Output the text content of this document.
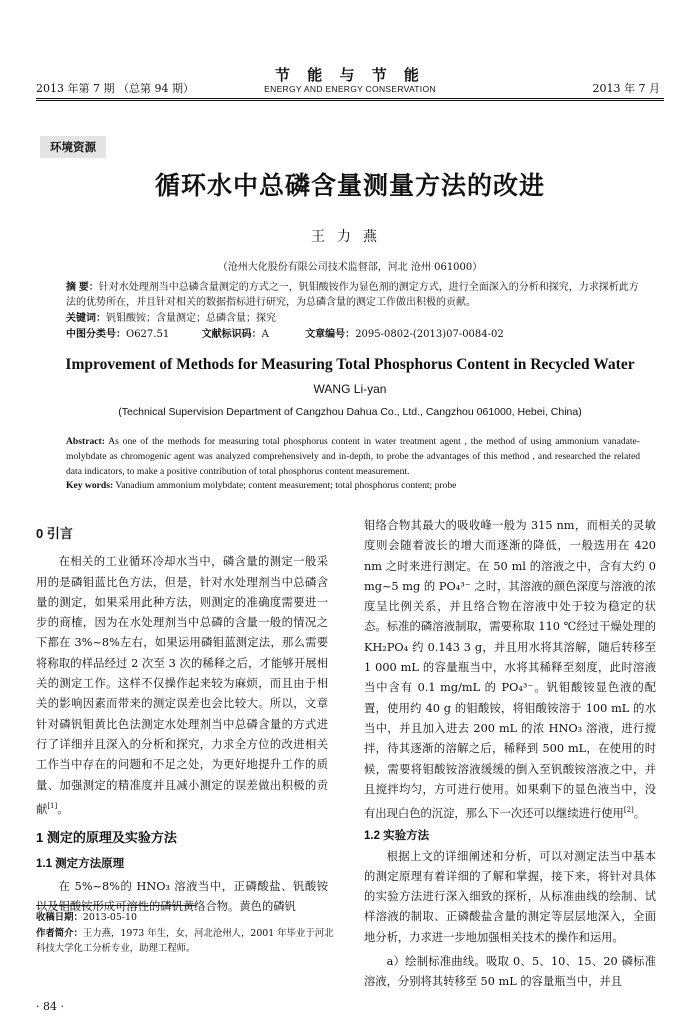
2013 年第 7 期 （总第 94 期）
节 能 与 节 能
ENERGY AND ENERGY CONSERVATION	2013 年 7 月
环境资源
循环水中总磷含量测量方法的改进
王力燕
（沧州大化股份有限公司技术监督部，河北 沧州 061000）
摘 要：针对水处理剂当中总磷含量测定的方式之一，钒钼酸铵作为显色剂的测定方式，进行全面深入的分析和探究，力求探析此方法的优势所在，并且针对相关的数据指标进行研究，为总磷含量的测定工作做出积极的贡献。
关键词：钒钼酸铵；含量测定；总磷含量；探究
中图分类号：O627.51	文献标识码：A	文章编号：2095-0802-(2013)07-0084-02
Improvement of Methods for Measuring Total Phosphorus Content in Recycled Water
WANG Li-yan
(Technical Supervision Department of Cangzhou Dahua Co., Ltd., Cangzhou 061000, Hebei, China)
Abstract: As one of the methods for measuring total phosphorus content in water treatment agent , the method of using ammonium vanadate-molybdate as chromogenic agent was analyzed comprehensively and in-depth, to probe the advantages of this method , and researched the related data indicators, to make a positive contribution of total phosphorus content measurement.
Key words: Vanadium ammonium molybdate; content measurement; total phosphorus content; probe

0 引言

在相关的工业循环冷却水当中，磷含量的测定一般采用的是磷钼蓝比色方法，但是，针对水处理剂当中总磷含量的测定，如果采用此种方法，则测定的准确度需要进一步的商榷，因为在水处理剂当中总磷的含量一般的情况之下都在 3%~8%左右，如果运用磷钼蓝测定法，那么需要将称取的样品经过 2 次至 3 次的稀释之后，才能够开展相关的测定工作。这样不仅操作起来较为麻烦，而且由于相关的影响因素而带来的测定误差也会比较大。所以，文章针对磷钒钼黄比色法测定水处理剂当中总磷含量的方式进行了详细并且深入的分析和探究，力求全方位的改进相关工作当中存在的问题和不足之处，为更好地提升工作的质量、加强测定的精准度并且减小测定的误差做出积极的贡献[1]。

1 测定的原理及实验方法

1.1 测定方法原理

在 5%~8%的 HNO₃ 溶液当中，正磷酸盐、钒酸铵以及钼酸铵形成可溶性的磷钒黄络合物。黄色的磷钒

钼络合物其最大的吸收峰一般为 315 nm，而相关的灵敏度则会随着波长的增大而逐渐的降低，一般选用在 420 nm 之时来进行测定。在 50 ml 的溶液之中，含有大约 0 mg~5 mg 的 PO₄³⁻ 之时，其溶液的颜色深度与溶液的浓度呈比例关系，并且络合物在溶液中处于较为稳定的状态。标准的磷溶液制取，需要称取 110 ℃经过干燥处理的 KH₂PO₄ 约 0.143 3 g，并且用水将其溶解，随后转移至 1 000 mL 的容量瓶当中，水将其稀释至刻度，此时溶液当中含有 0.1 mg/mL 的 PO₄³⁻。钒钼酸铵显色液的配置，使用约 40 g 的钼酸铵，将钼酸铵溶于 100 mL 的水当中，并且加入进去 200 mL 的浓 HNO₃ 溶液，进行搅拌，待其逐渐的溶解之后，稀释到 500 mL，在使用的时候，需要将钼酸铵溶液缓缓的倒入至钒酸铵溶液之中，并且搅拌均匀，方可进行使用。如果剩下的显色液当中，没有出现白色的沉淀，那么下一次还可以继续进行使用[2]。

1.2 实验方法

根据上文的详细阐述和分析，可以对测定法当中基本的测定原理有着详细的了解和掌握，接下来，将针对具体的实验方法进行深入细致的探析，从标准曲线的绘制、试样溶液的制取、正磷酸盐含量的测定等层层地深入，全面地分析，力求进一步地加强相关技术的操作和运用。

a）绘制标准曲线。吸取 0、5、10、15、20 磷标准溶液，分别将其转移至 50 mL 的容量瓶当中，并且

收稿日期：2013-05-10
作者简介：王力燕，1973 年生，女，河北沧州人，2001 年毕业于河北科技大学化工分析专业，助理工程师。
· 84 ·
